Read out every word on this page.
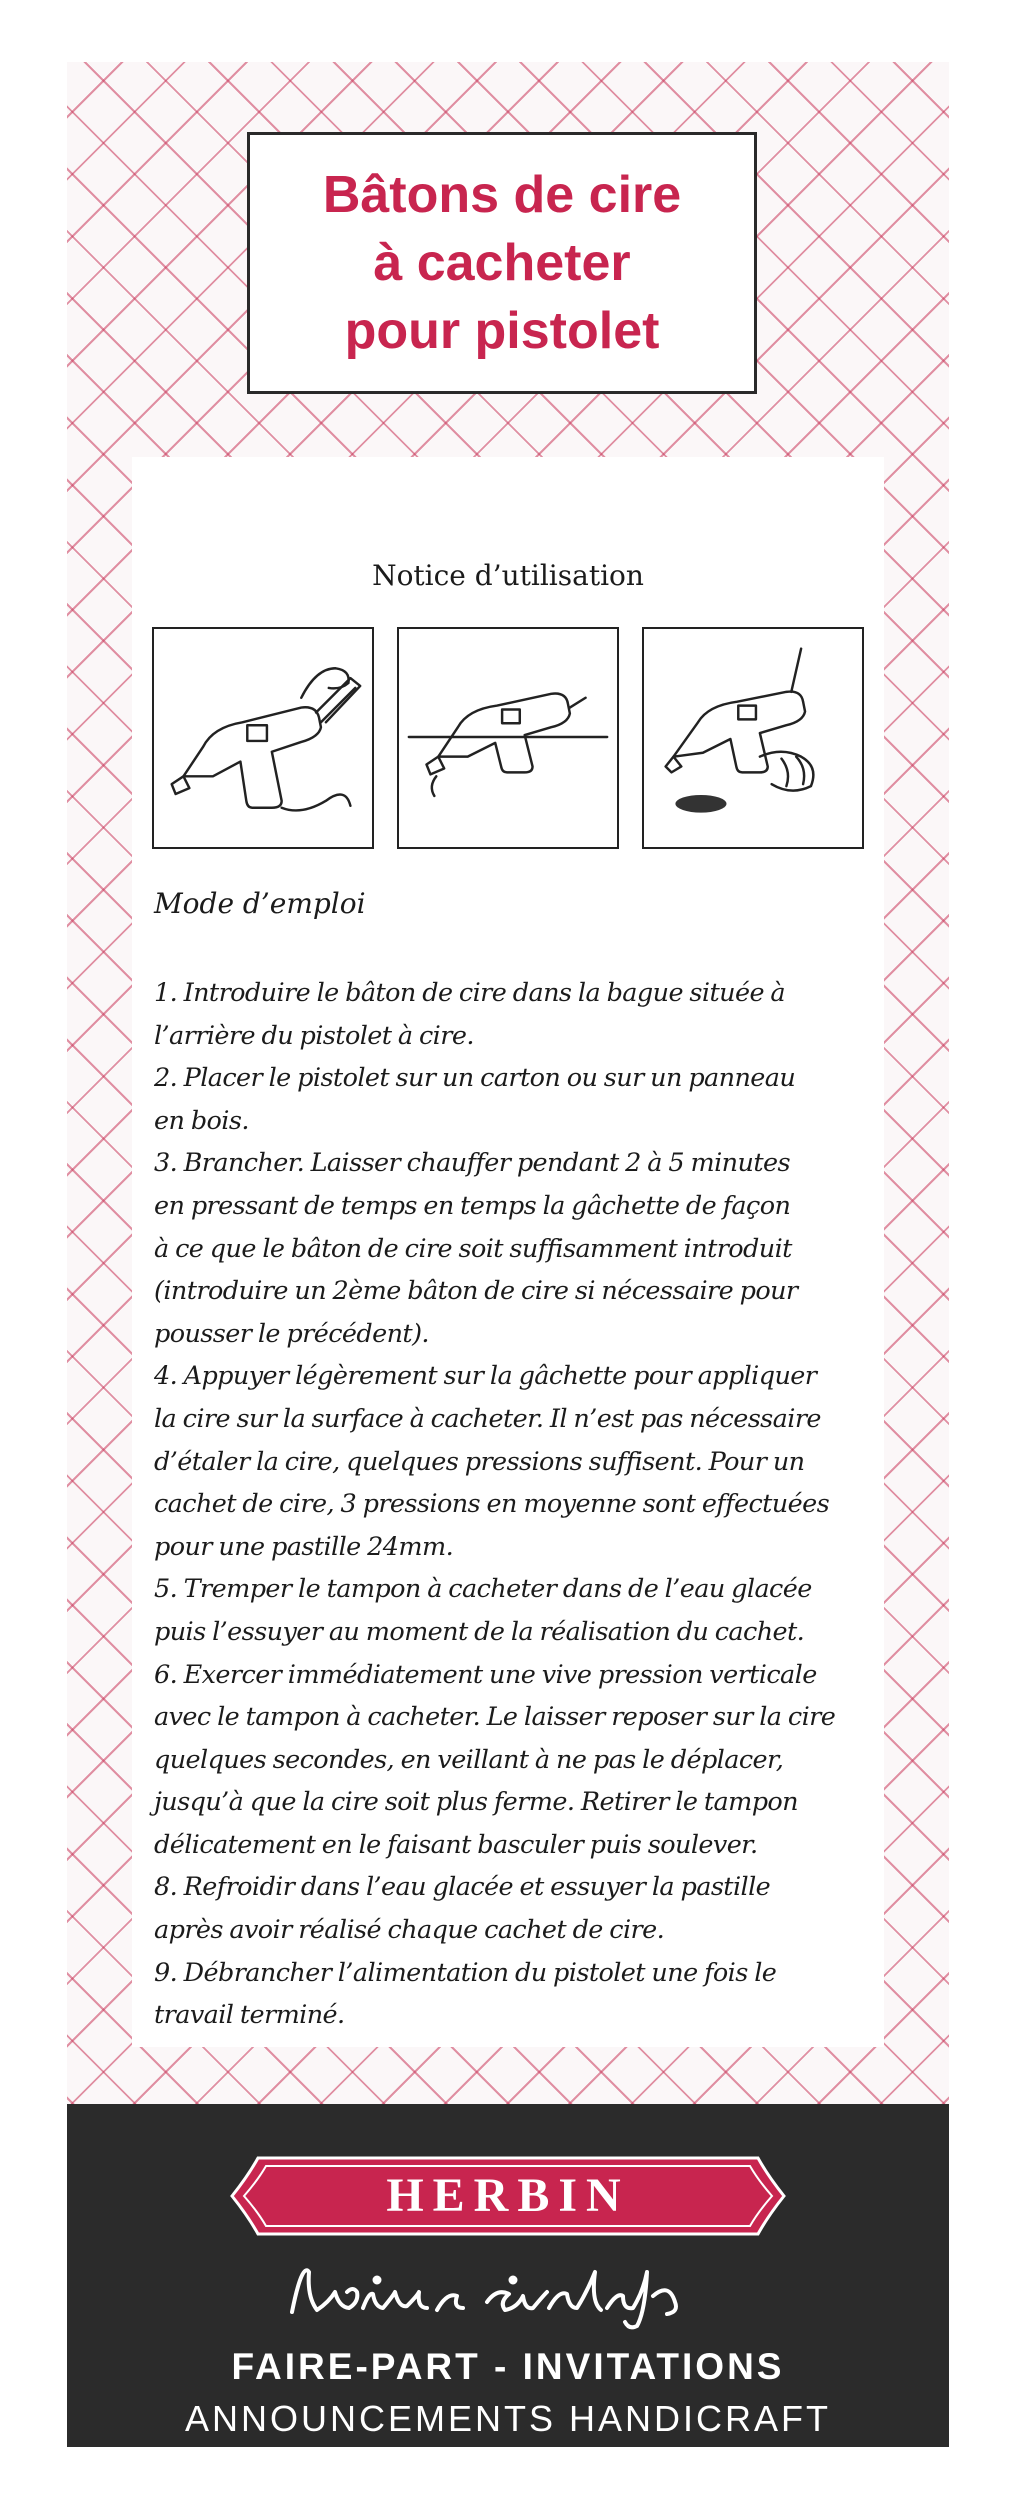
Bâtons de cire
à cacheter
pour pistolet
Notice d’utilisation
Mode d’emploi

1. Introduire le bâton de cire dans la bague située à

l’arrière du pistolet à cire.

2. Placer le pistolet sur un carton ou sur un panneau

en bois.

3. Brancher. Laisser chauffer pendant 2 à 5 minutes

en pressant de temps en temps la gâchette de façon

à ce que le bâton de cire soit suffisamment introduit

(introduire un 2ème bâton de cire si nécessaire pour

pousser le précédent).

4. Appuyer légèrement sur la gâchette pour appliquer

la cire sur la surface à cacheter. Il n’est pas nécessaire

d’étaler la cire, quelques pressions suffisent. Pour un

cachet de cire, 3 pressions en moyenne sont effectuées

pour une pastille 24mm.

5. Tremper le tampon à cacheter dans de l’eau glacée

puis l’essuyer au moment de la réalisation du cachet.

6. Exercer immédiatement une vive pression verticale

avec le tampon à cacheter. Le laisser reposer sur la cire

quelques secondes, en veillant à ne pas le déplacer,

jusqu’à que la cire soit plus ferme. Retirer le tampon

délicatement en le faisant basculer puis soulever.

8. Refroidir dans l’eau glacée et essuyer la pastille

après avoir réalisé chaque cachet de cire.

9. Débrancher l’alimentation du pistolet une fois le

travail terminé.

HERBIN
FAIRE-PART - INVITATIONS
ANNOUNCEMENTS HANDICRAFT
